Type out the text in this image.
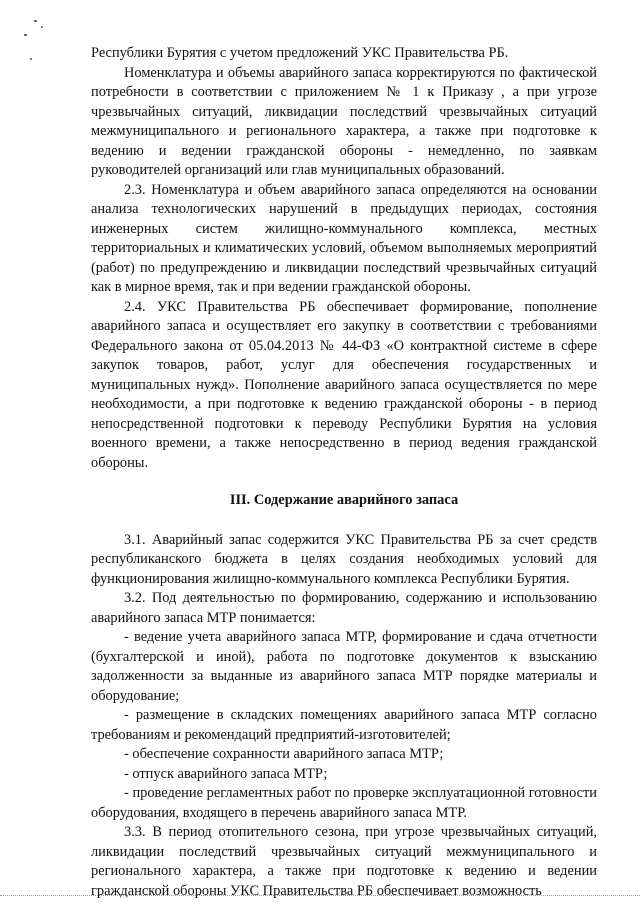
Республики Бурятия с учетом предложений УКС Правительства РБ.

Номенклатура и объемы аварийного запаса корректируются по фактической потребности в соответствии с приложением № 1 к Приказу , а при угрозе чрезвычайных ситуаций, ликвидации последствий чрезвычайных ситуаций межмуниципального и регионального характера, а также при подготовке к ведению и ведении гражданской обороны - немедленно, по заявкам руководителей организаций или глав муниципальных образований.

2.3. Номенклатура и объем аварийного запаса определяются на основании анализа технологических нарушений в предыдущих периодах, состояния инженерных систем жилищно-коммунального комплекса, местных территориальных и климатических условий, объемом выполняемых мероприятий (работ) по предупреждению и ликвидации последствий чрезвычайных ситуаций как в мирное время, так и при ведении гражданской обороны.

2.4. УКС Правительства РБ обеспечивает формирование, пополнение аварийного запаса и осуществляет его закупку в соответствии с требованиями Федерального закона от 05.04.2013 № 44-ФЗ «О контрактной системе в сфере закупок товаров, работ, услуг для обеспечения государственных и муниципальных нужд». Пополнение аварийного запаса осуществляется по мере необходимости, а при подготовке к ведению гражданской обороны - в период непосредственной подготовки к переводу Республики Бурятия на условия военного времени, а также непосредственно в период ведения гражданской обороны.

III. Содержание аварийного запаса

3.1. Аварийный запас содержится УКС Правительства РБ за счет средств республиканского бюджета в целях создания необходимых условий для функционирования жилищно-коммунального комплекса Республики Бурятия.

3.2. Под деятельностью по формированию, содержанию и использованию аварийного запаса МТР понимается:

- ведение учета аварийного запаса МТР, формирование и сдача отчетности (бухгалтерской и иной), работа по подготовке документов к взысканию задолженности за выданные из аварийного запаса МТР порядке материалы и оборудование;

- размещение в складских помещениях аварийного запаса МТР согласно требованиям и рекомендаций предприятий-изготовителей;

- обеспечение сохранности аварийного запаса МТР;

- отпуск аварийного запаса МТР;

- проведение регламентных работ по проверке эксплуатационной готовности оборудования, входящего в перечень аварийного запаса МТР.

3.3. В период отопительного сезона, при угрозе чрезвычайных ситуаций, ликвидации последствий чрезвычайных ситуаций межмуниципального и регионального характера, а также при подготовке к ведению и ведении гражданской обороны УКС Правительства РБ обеспечивает возможность
